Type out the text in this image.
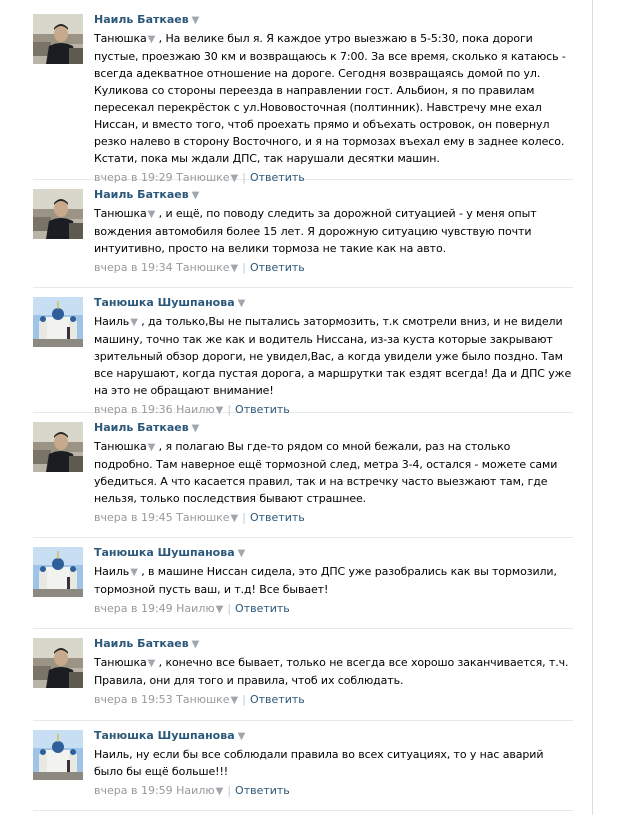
Наиль Баткаев ▼
Танюшка▼ , На велике был я. Я каждое утро выезжаю в 5-5:30, пока дороги пустые, проезжаю 30 км и возвращаюсь к 7:00. За все время, сколько я катаюсь - всегда адекватное отношение на дороге. Сегодня возвращаясь домой по ул. Куликова со стороны переезда в направлении гост. Альбион, я по правилам пересекал перекрёсток с ул.Нововосточная (полтинник). Навстречу мне ехал Ниссан, и вместо того, чтоб проехать прямо и объехать островок, он повернул резко налево в сторону Восточного, и я на тормозах въехал ему в заднее колесо. Кстати, пока мы ждали ДПС, так нарушали десятки машин.
вчера в 19:29 Танюшке▼ | Ответить
Наиль Баткаев ▼
Танюшка▼ , и ещё, по поводу следить за дорожной ситуацией - у меня опыт вождения автомобиля более 15 лет. Я дорожную ситуацию чувствую почти интуитивно, просто на велики тормоза не такие как на авто.
вчера в 19:34 Танюшке▼ | Ответить
Танюшка Шушпанова ▼
Наиль▼ , да только,Вы не пытались затормозить, т.к смотрели вниз, и не видели машину, точно так же как и водитель Ниссана, из-за куста которые закрывают зрительный обзор дороги, не увидел,Вас, а когда увидели уже было поздно. Там все нарушают, когда пустая дорога, а маршрутки так ездят всегда! Да и ДПС уже на это не обращают внимание!
вчера в 19:36 Наилю▼ | Ответить
Наиль Баткаев ▼
Танюшка▼ , я полагаю Вы где-то рядом со мной бежали, раз на столько подробно. Там наверное ещё тормозной след, метра 3-4, остался - можете сами убедиться. А что касается правил, так и на встречку часто выезжают там, где нельзя, только последствия бывают страшнее.
вчера в 19:45 Танюшке▼ | Ответить
Танюшка Шушпанова ▼
Наиль▼ , в машине Ниссан сидела, это ДПС уже разобрались как вы тормозили, тормозной пусть ваш, и т.д! Все бывает!
вчера в 19:49 Наилю▼ | Ответить
Наиль Баткаев ▼
Танюшка▼ , конечно все бывает, только не всегда все хорошо заканчивается, т.ч. Правила, они для того и правила, чтоб их соблюдать.
вчера в 19:53 Танюшке▼ | Ответить
Танюшка Шушпанова ▼
Наиль, ну если бы все соблюдали правила во всех ситуациях, то у нас аварий было бы ещё больше!!!
вчера в 19:59 Наилю▼ | Ответить
